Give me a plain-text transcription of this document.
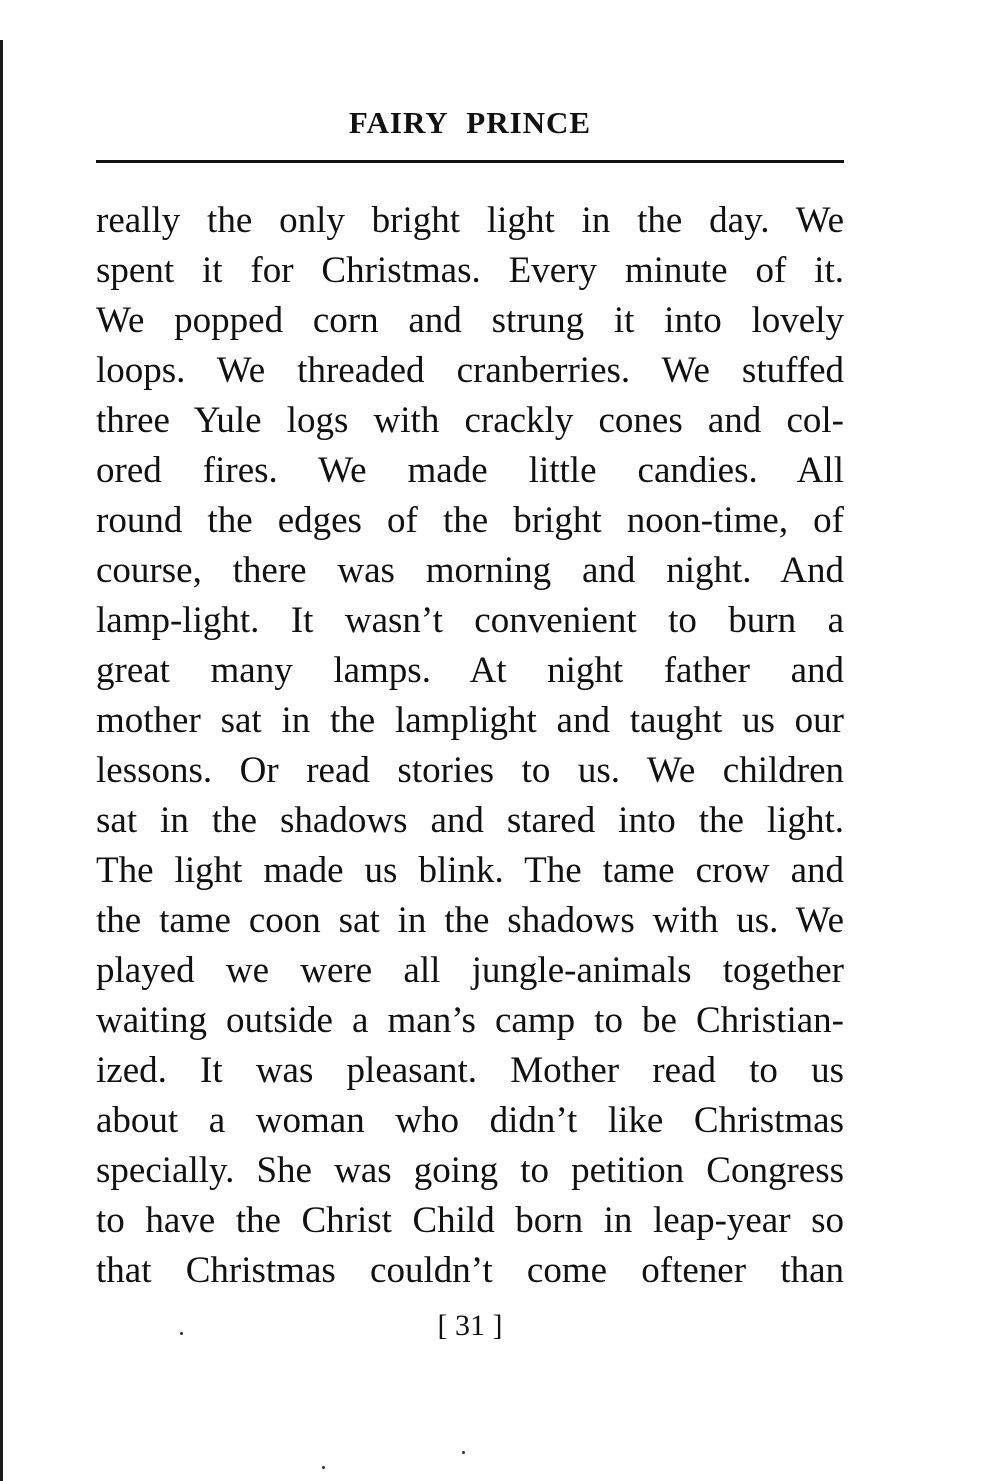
FAIRY PRINCE
really the only bright light in the day. We
spent it for Christmas. Every minute of it.
We popped corn and strung it into lovely
loops. We threaded cranberries. We stuffed
three Yule logs with crackly cones and col-
ored fires. We made little candies. All
round the edges of the bright noon-time, of
course, there was morning and night. And
lamp-light. It wasn’t convenient to burn a
great many lamps. At night father and
mother sat in the lamplight and taught us our
lessons. Or read stories to us. We children
sat in the shadows and stared into the light.
The light made us blink. The tame crow and
the tame coon sat in the shadows with us. We
played we were all jungle-animals together
waiting outside a man’s camp to be Christian-
ized. It was pleasant. Mother read to us
about a woman who didn’t like Christmas
specially. She was going to petition Congress
to have the Christ Child born in leap-year so
that Christmas couldn’t come oftener than
[ 31 ]
